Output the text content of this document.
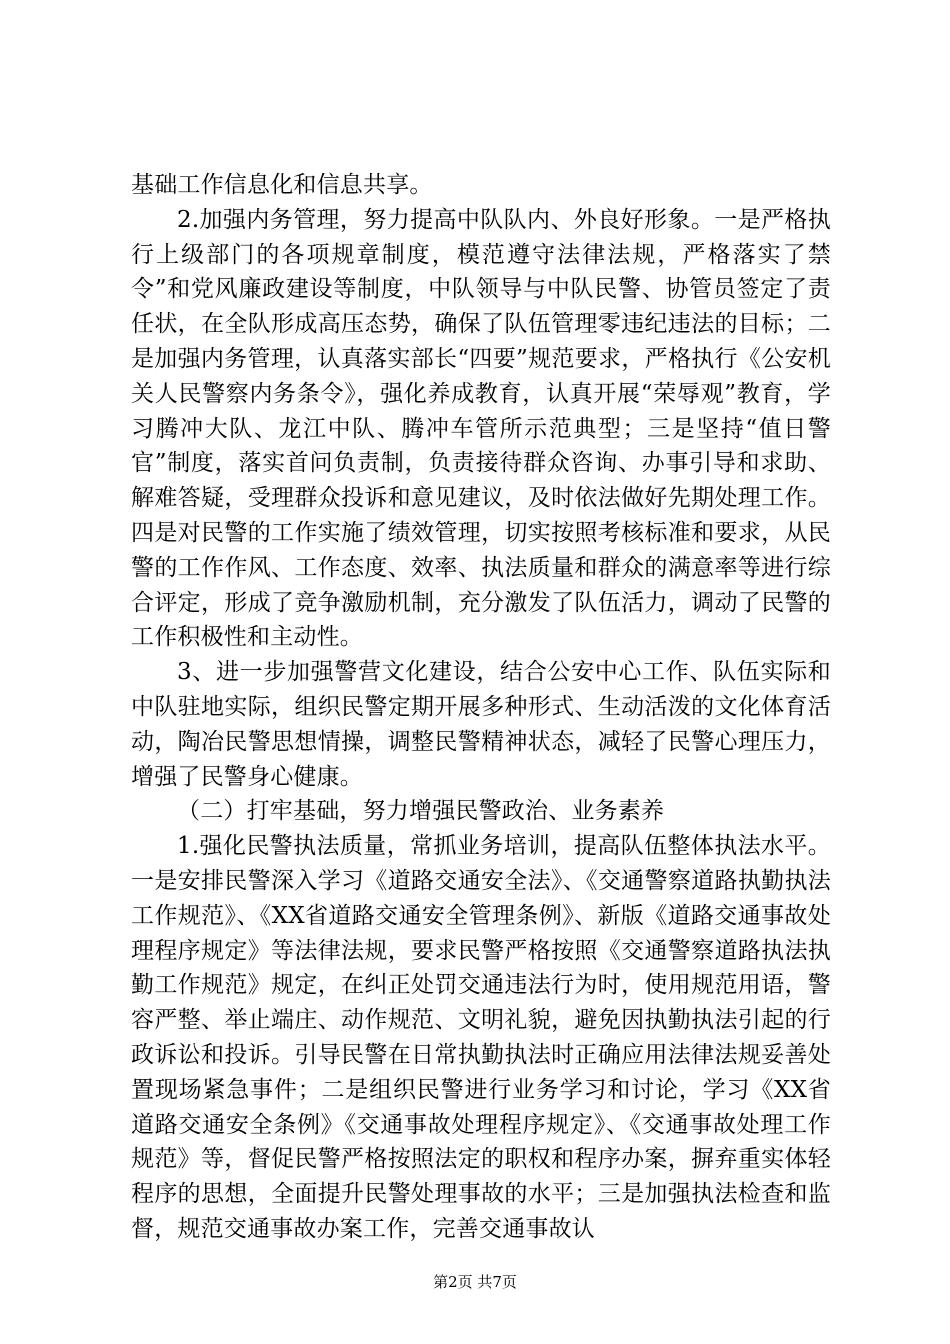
基础工作信息化和信息共享。

2.加强内务管理，努力提高中队队内、外良好形象。一是严格执行上级部门的各项规章制度，模范遵守法律法规，严格落实了禁令”和党风廉政建设等制度，中队领导与中队民警、协管员签定了责任状，在全队形成高压态势，确保了队伍管理零违纪违法的目标；二是加强内务管理，认真落实部长“四要”规范要求，严格执行《公安机关人民警察内务条令》，强化养成教育，认真开展“荣辱观”教育，学习腾冲大队、龙江中队、腾冲车管所示范典型；三是坚持“值日警官”制度，落实首问负责制，负责接待群众咨询、办事引导和求助、解难答疑，受理群众投诉和意见建议，及时依法做好先期处理工作。四是对民警的工作实施了绩效管理，切实按照考核标准和要求，从民警的工作作风、工作态度、效率、执法质量和群众的满意率等进行综合评定，形成了竞争激励机制，充分激发了队伍活力，调动了民警的工作积极性和主动性。

3、进一步加强警营文化建设，结合公安中心工作、队伍实际和中队驻地实际，组织民警定期开展多种形式、生动活泼的文化体育活动，陶冶民警思想情操，调整民警精神状态，减轻了民警心理压力，增强了民警身心健康。

（二）打牢基础，努力增强民警政治、业务素养

1.强化民警执法质量，常抓业务培训，提高队伍整体执法水平。一是安排民警深入学习《道路交通安全法》、《交通警察道路执勤执法工作规范》、《XX省道路交通安全管理条例》、新版《道路交通事故处理程序规定》等法律法规，要求民警严格按照《交通警察道路执法执勤工作规范》规定，在纠正处罚交通违法行为时，使用规范用语，警容严整、举止端庄、动作规范、文明礼貌，避免因执勤执法引起的行政诉讼和投诉。引导民警在日常执勤执法时正确应用法律法规妥善处置现场紧急事件；二是组织民警进行业务学习和讨论，学习《XX省道路交通安全条例》《交通事故处理程序规定》、《交通事故处理工作规范》等，督促民警严格按照法定的职权和程序办案，摒弃重实体轻程序的思想，全面提升民警处理事故的水平；三是加强执法检查和监督，规范交通事故办案工作，完善交通事故认

第2页 共7页
